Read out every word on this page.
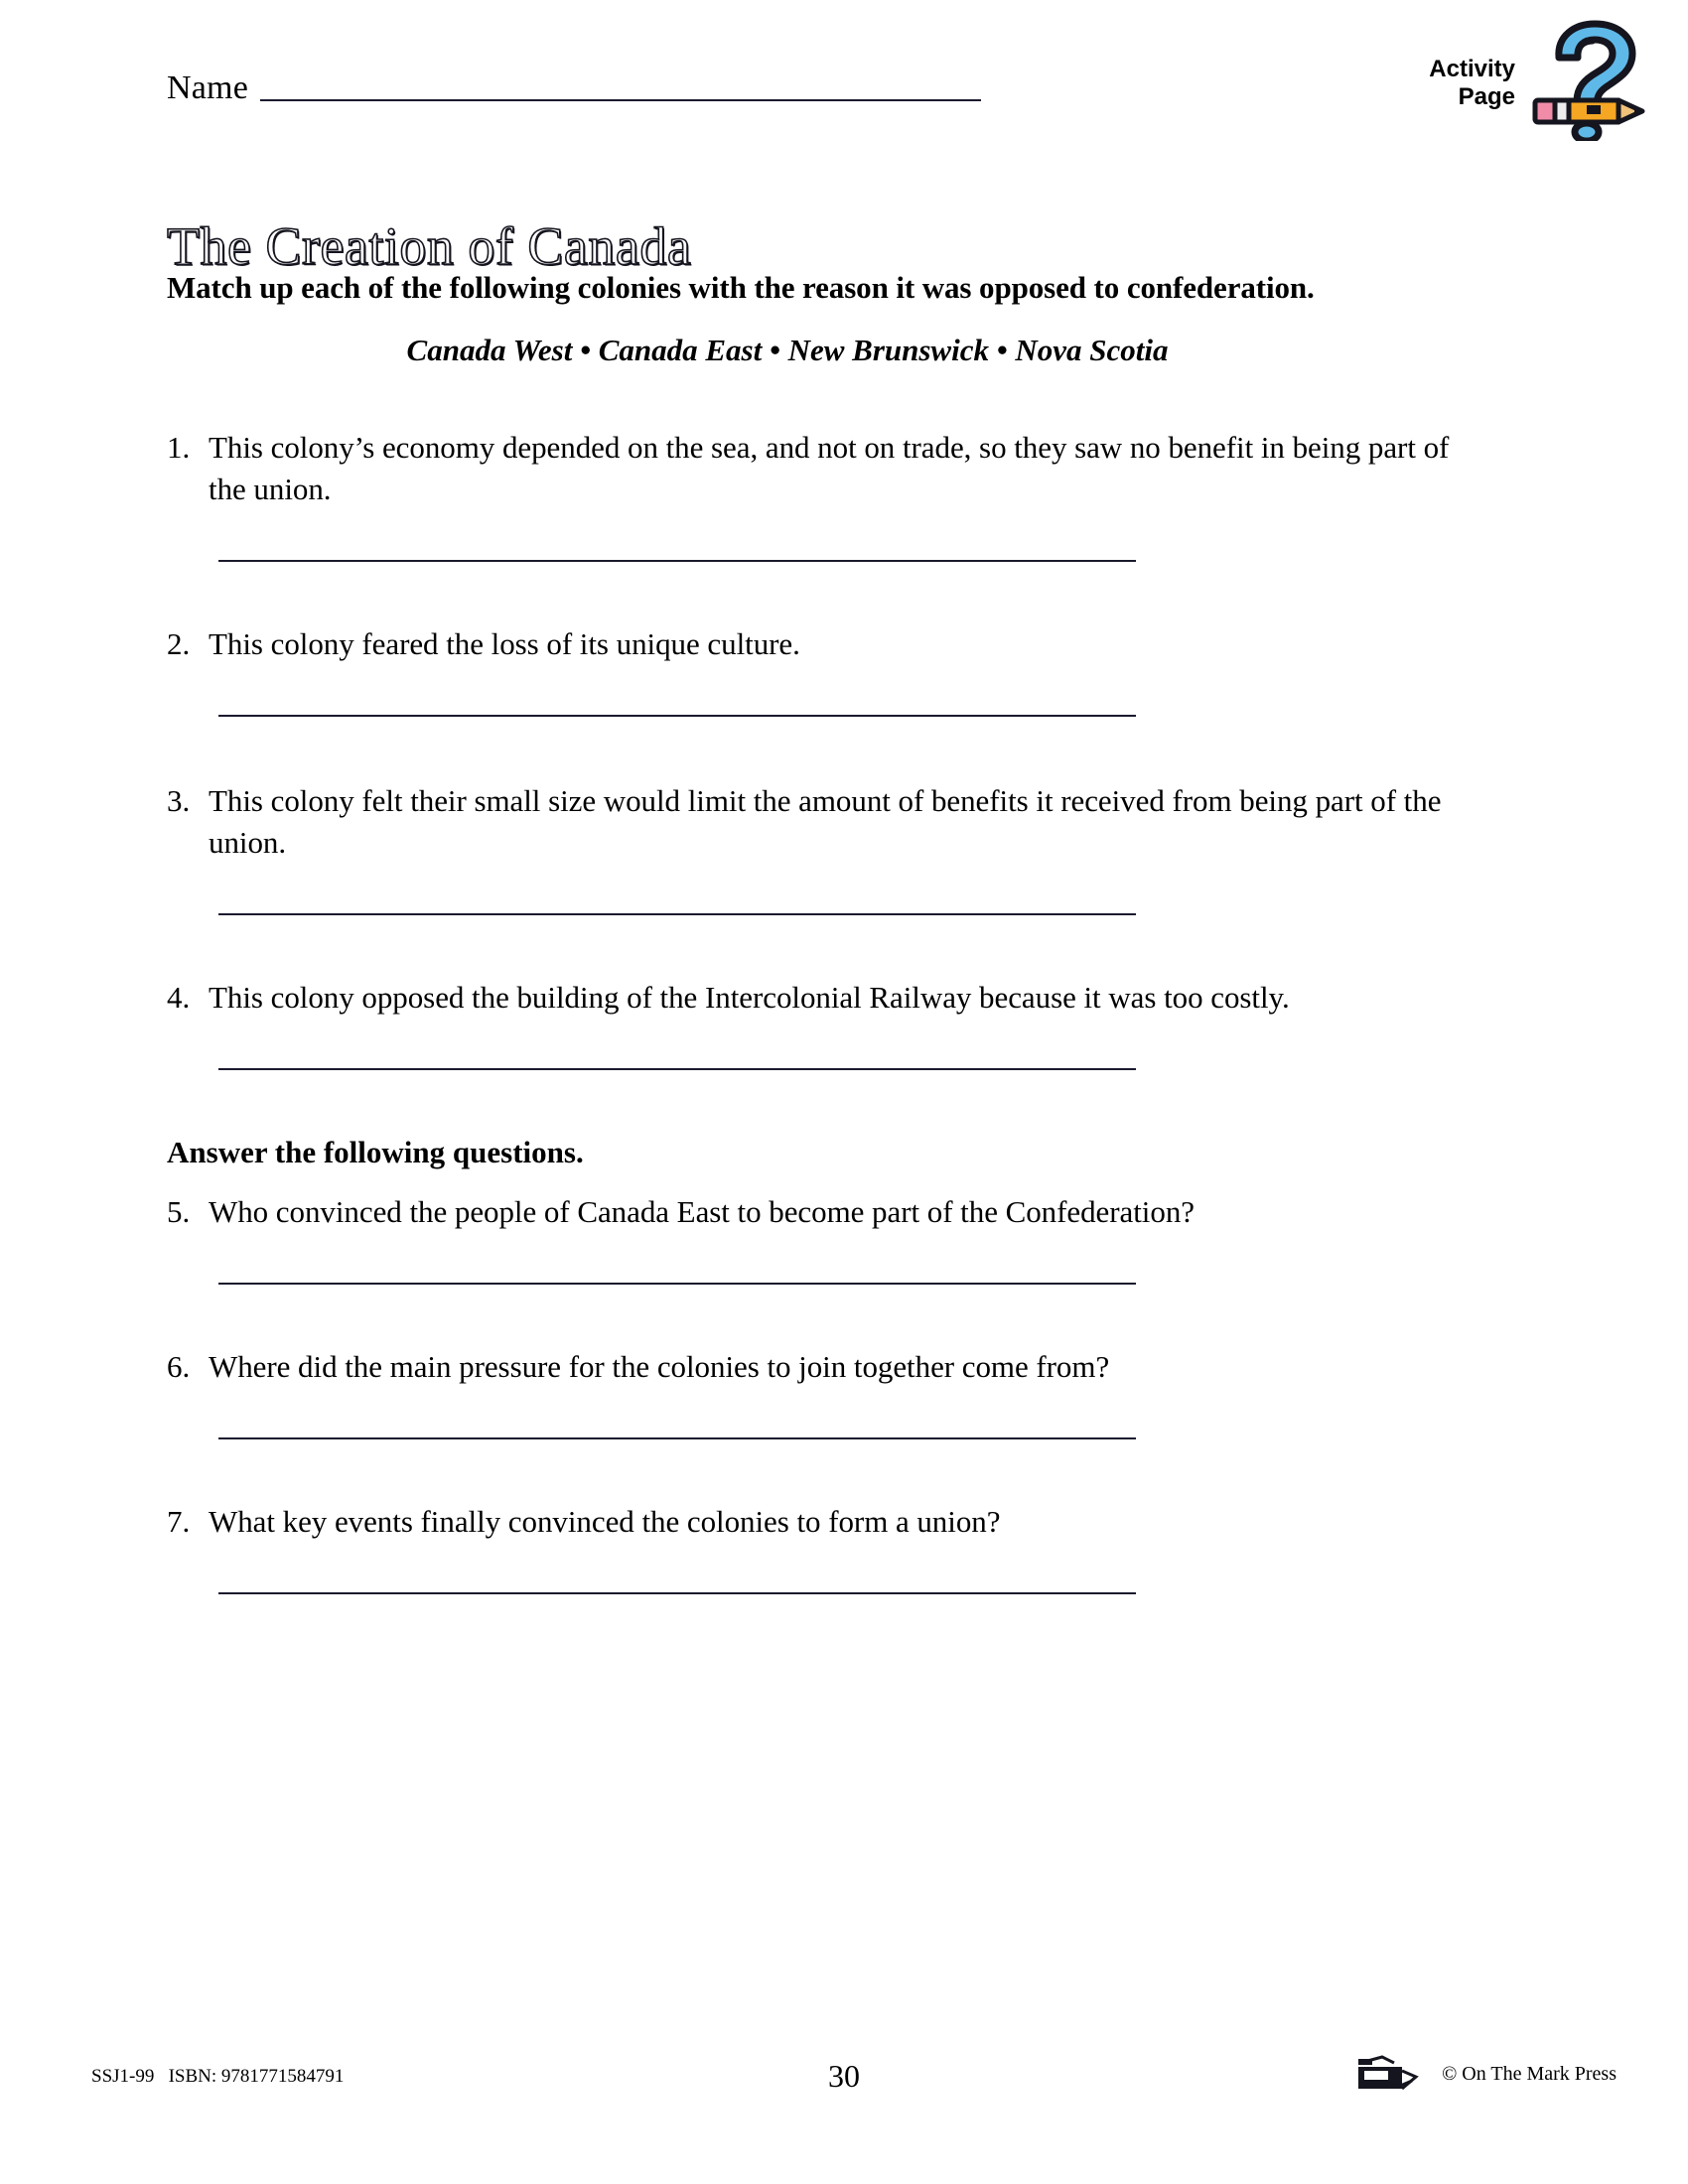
Name
Activity
Page
The Creation of Canada
Match up each of the following colonies with the reason it was opposed to confederation.
Canada West • Canada East • New Brunswick • Nova Scotia
1. This colony’s economy depended on the sea, and not on trade, so they saw no benefit in being part of the union.
2. This colony feared the loss of its unique culture.
3. This colony felt their small size would limit the amount of benefits it received from being part of the union.
4. This colony opposed the building of the Intercolonial Railway because it was too costly.
Answer the following questions.
5. Who convinced the people of Canada East to become part of the Confederation?
6. Where did the main pressure for the colonies to join together come from?
7. What key events finally convinced the colonies to form a union?
SSJ1-99   ISBN: 9781771584791	30	© On The Mark Press
